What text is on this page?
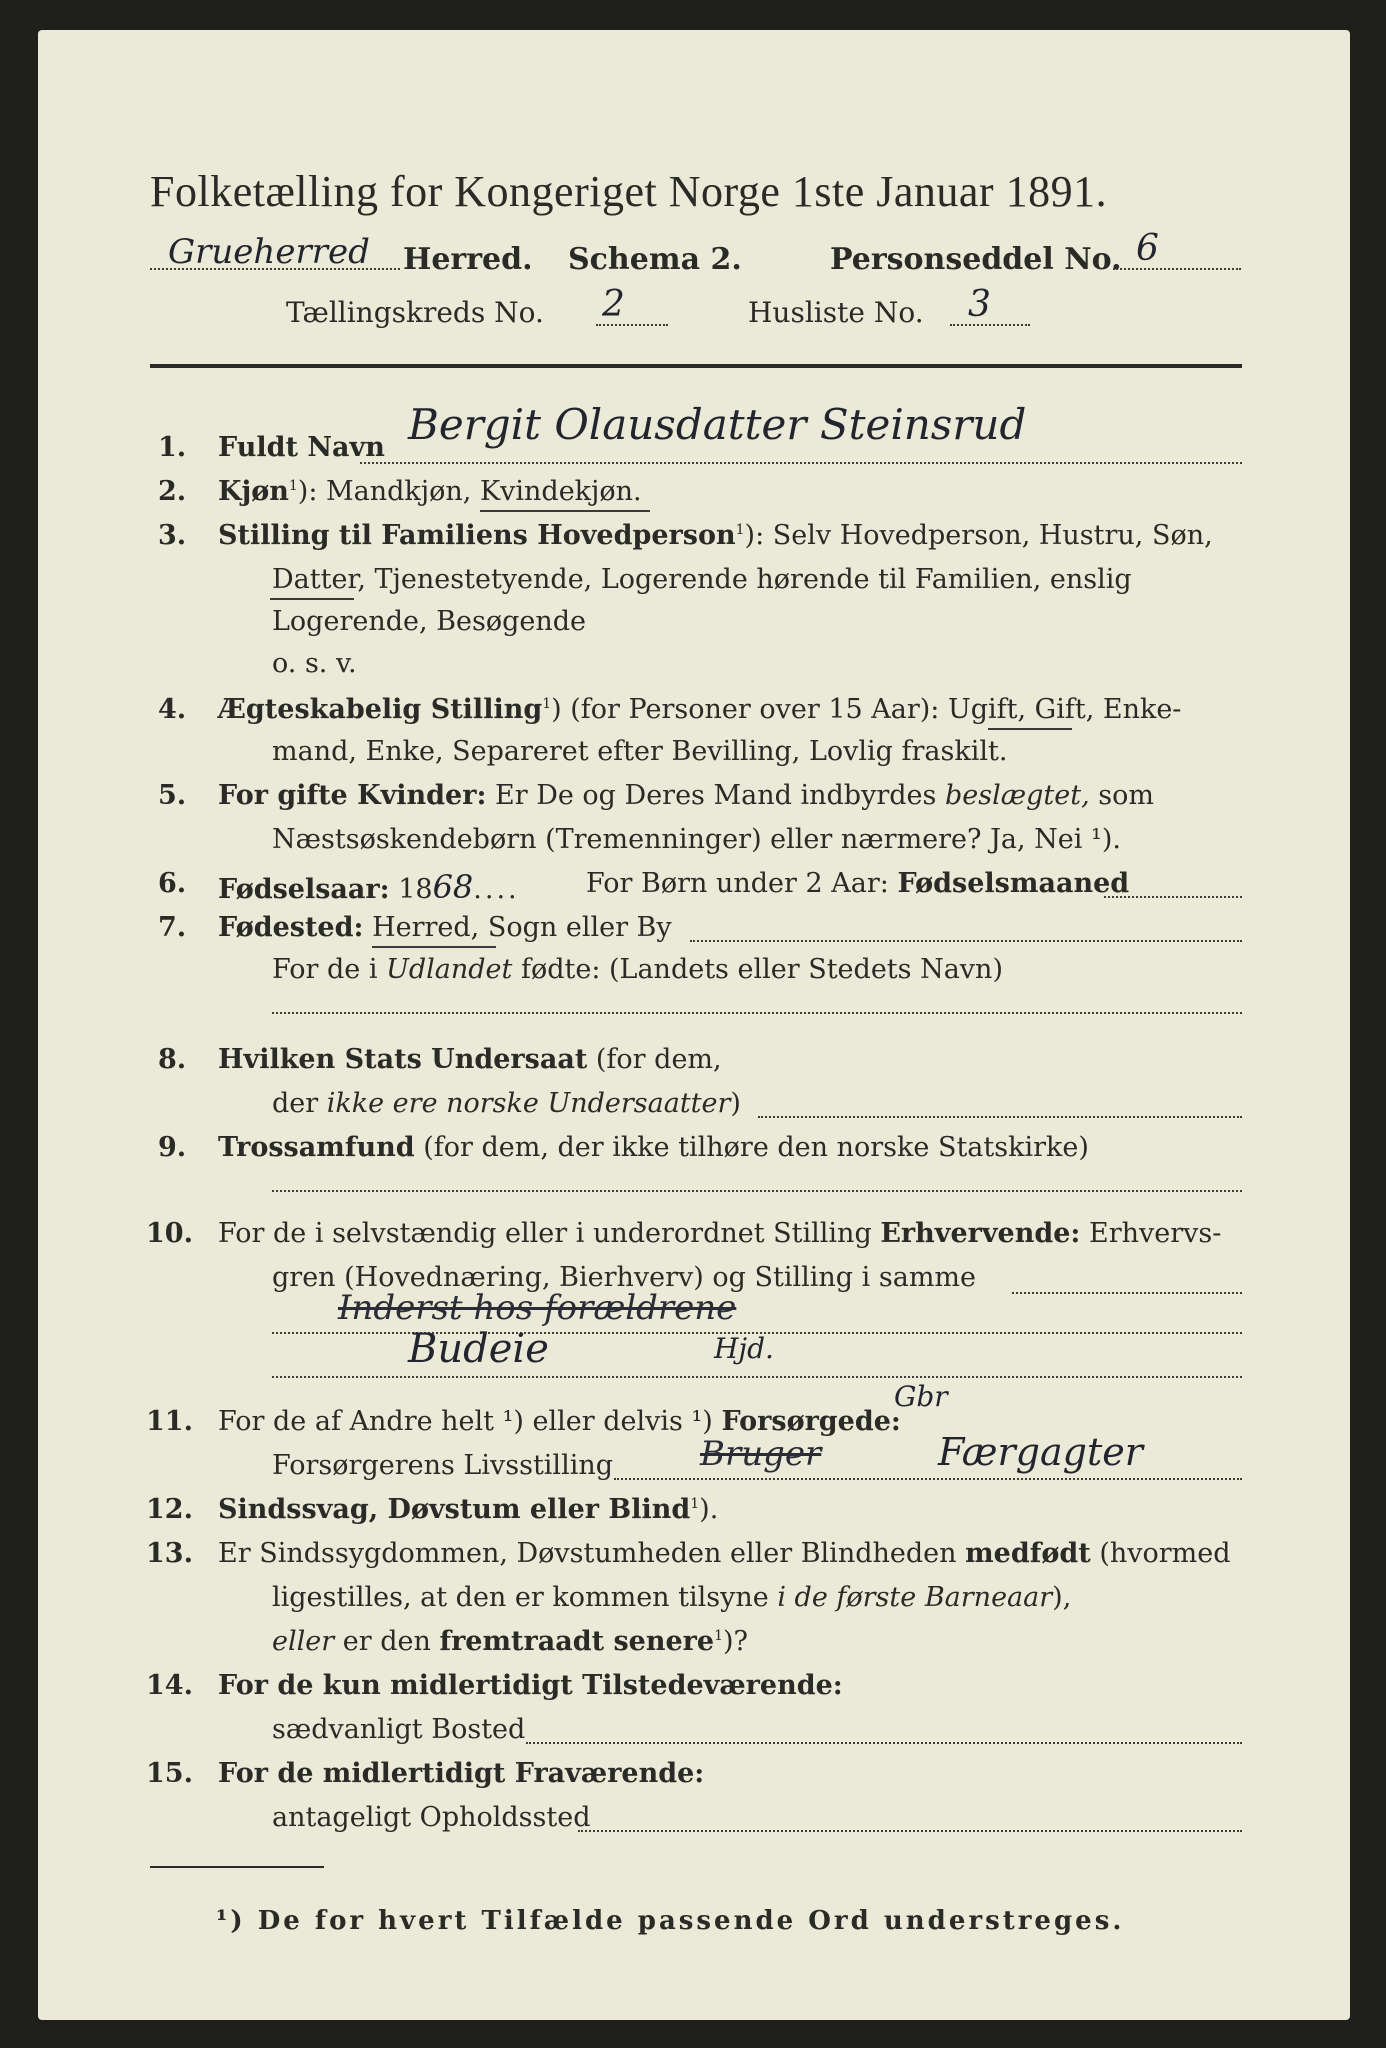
Folketælling for Kongeriget Norge 1ste Januar 1891.
Grueherred Herred. Schema 2.	Personseddel No. 6
Tællingskreds No. 2	Husliste No. 3
1. Fuldt Navn Bergit Olausdatter Steinsrud
2. Kjøn$^1$): Mandkjøn, Kvindekjøn.
3. Stilling til Familiens Hovedperson$^1$): Selv Hovedperson, Hustru, Søn,
Datter, Tjenestetyende, Logerende hørende til Familien, enslig
Logerende, Besøgende
o. s. v.
4. Ægteskabelig Stilling$^1$) (for Personer over 15 Aar): Ugift, Gift, Enke-
mand, Enke, Separeret efter Bevilling, Lovlig fraskilt.
5. For gifte Kvinder: Er De og Deres Mand indbyrdes beslægtet, som
Næstsøskendebørn (Tremenninger) eller nærmere? Ja, Nei ¹).
6. Fødselsaar: 1868.... For Børn under 2 Aar: Fødselsmaaned
7. Fødested: Herred, Sogn eller By
For de i Udlandet fødte: (Landets eller Stedets Navn)
8. Hvilken Stats Undersaat (for dem,
der ikke ere norske Undersaatter)
9. Trossamfund (for dem, der ikke tilhøre den norske Statskirke)
10. For de i selvstændig eller i underordnet Stilling Erhvervende: Erhvervs-
gren (Hovednæring, Bierhverv) og Stilling i samme
Inderst hos forældrene
Budeie	Hjd.
11. For de af Andre helt ¹) eller delvis ¹) Forsørgede:
Gbr
Forsørgerens Livsstilling	Bruger	Færgagter
12. Sindssvag, Døvstum eller Blind$^1$).
13. Er Sindssygdommen, Døvstumheden eller Blindheden medfødt (hvormed
ligestilles, at den er kommen tilsyne i de første Barneaar),
eller er den fremtraadt senere$^1$)?
14. For de kun midlertidigt Tilstedeværende:
sædvanligt Bosted
15. For de midlertidigt Fraværende:
antageligt Opholdssted
¹) De for hvert Tilfælde passende Ord understreges.
